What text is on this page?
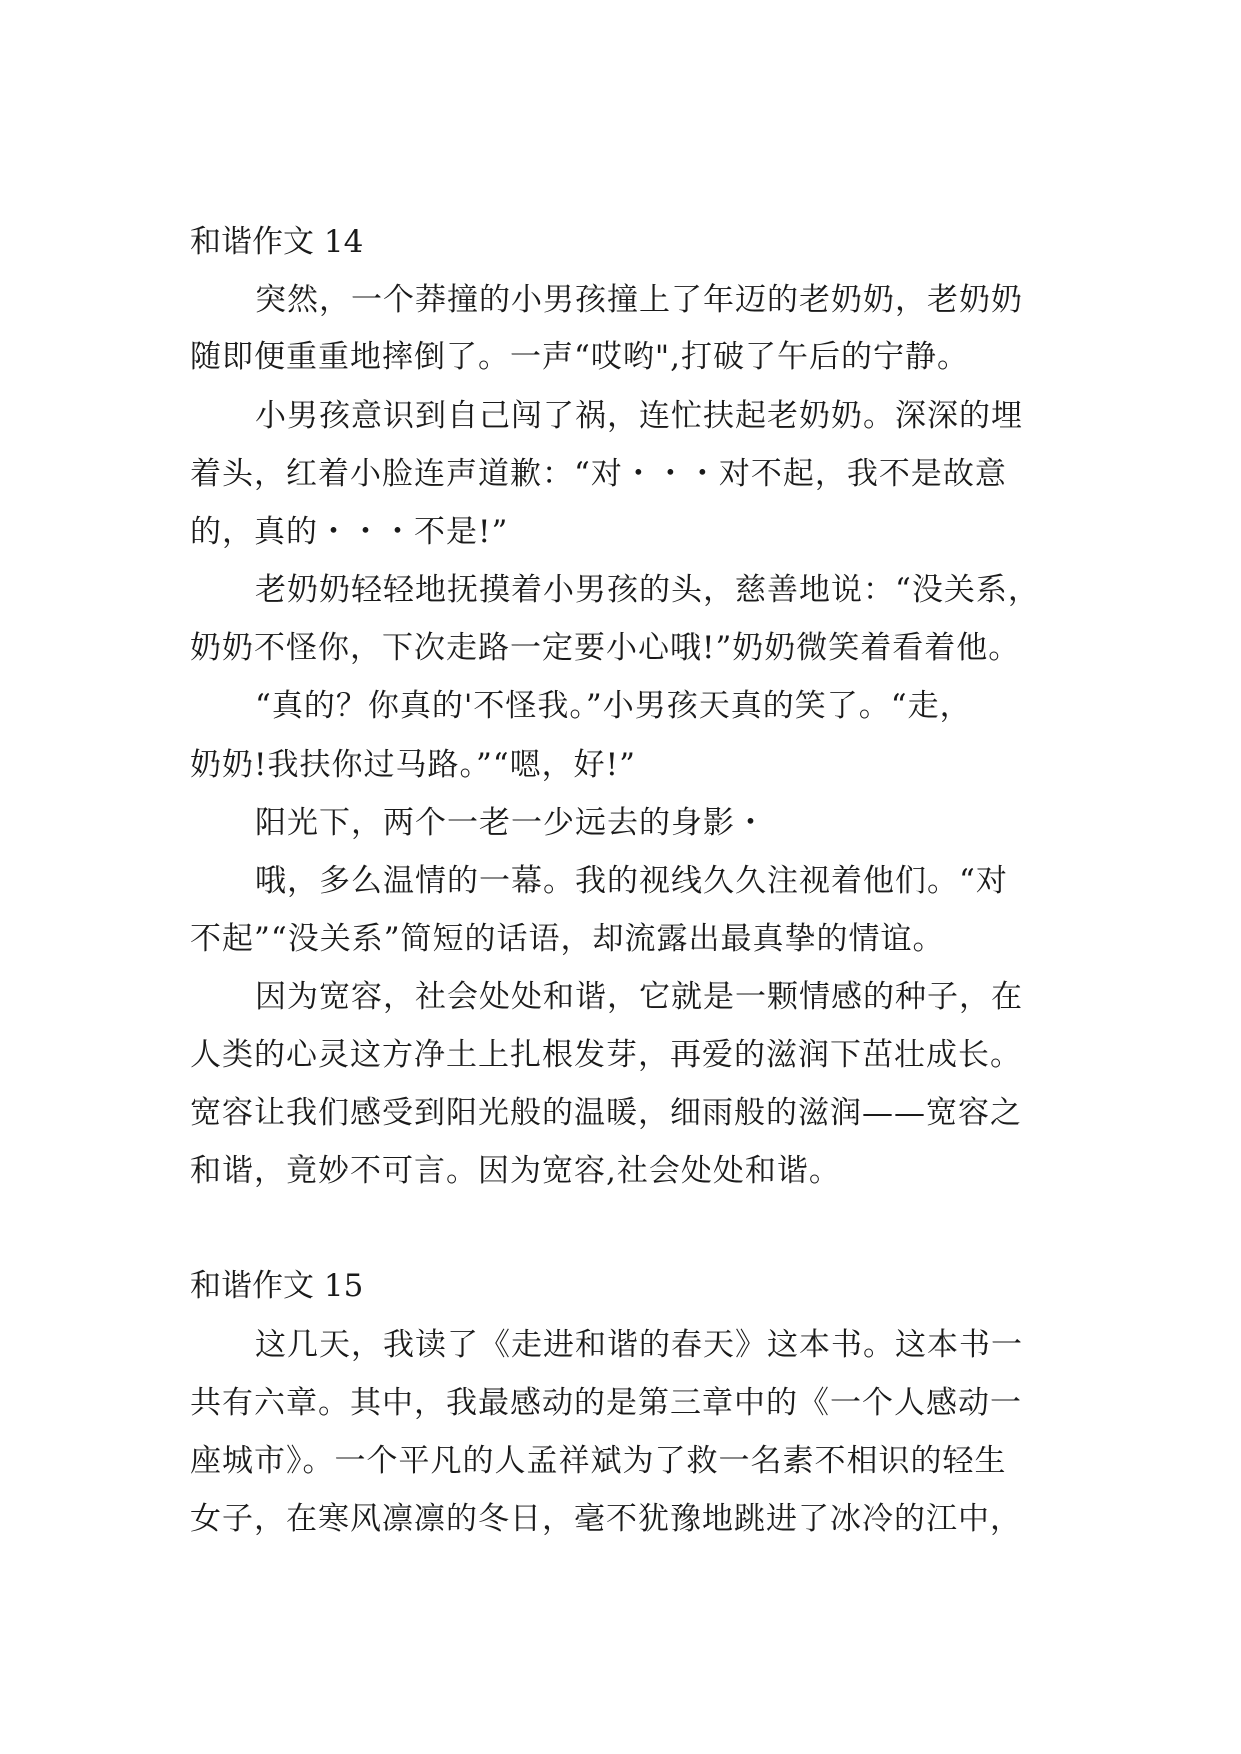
和谐作文 14
突然，一个莽撞的小男孩撞上了年迈的老奶奶，老奶奶
随即便重重地摔倒了。一声“哎哟",打破了午后的宁静。
小男孩意识到自己闯了祸，连忙扶起老奶奶。深深的埋
着头，红着小脸连声道歉：“对・・・对不起，我不是故意
的，真的・・・不是!”
老奶奶轻轻地抚摸着小男孩的头，慈善地说：“没关系，
奶奶不怪你，下次走路一定要小心哦!”奶奶微笑着看着他。
“真的？你真的'不怪我。”小男孩天真的笑了。“走，
奶奶!我扶你过马路。”“嗯，好!”
阳光下，两个一老一少远去的身影・
哦，多么温情的一幕。我的视线久久注视着他们。“对
不起”“没关系”简短的话语，却流露出最真挚的情谊。
因为宽容，社会处处和谐，它就是一颗情感的种子，在
人类的心灵这方净土上扎根发芽，再爱的滋润下茁壮成长。
宽容让我们感受到阳光般的温暖，细雨般的滋润——宽容之
和谐，竟妙不可言。因为宽容,社会处处和谐。
和谐作文 15
这几天，我读了《走进和谐的春天》这本书。这本书一
共有六章。其中，我最感动的是第三章中的《一个人感动一
座城市》。一个平凡的人孟祥斌为了救一名素不相识的轻生
女子，在寒风凛凛的冬日，毫不犹豫地跳进了冰冷的江中，
